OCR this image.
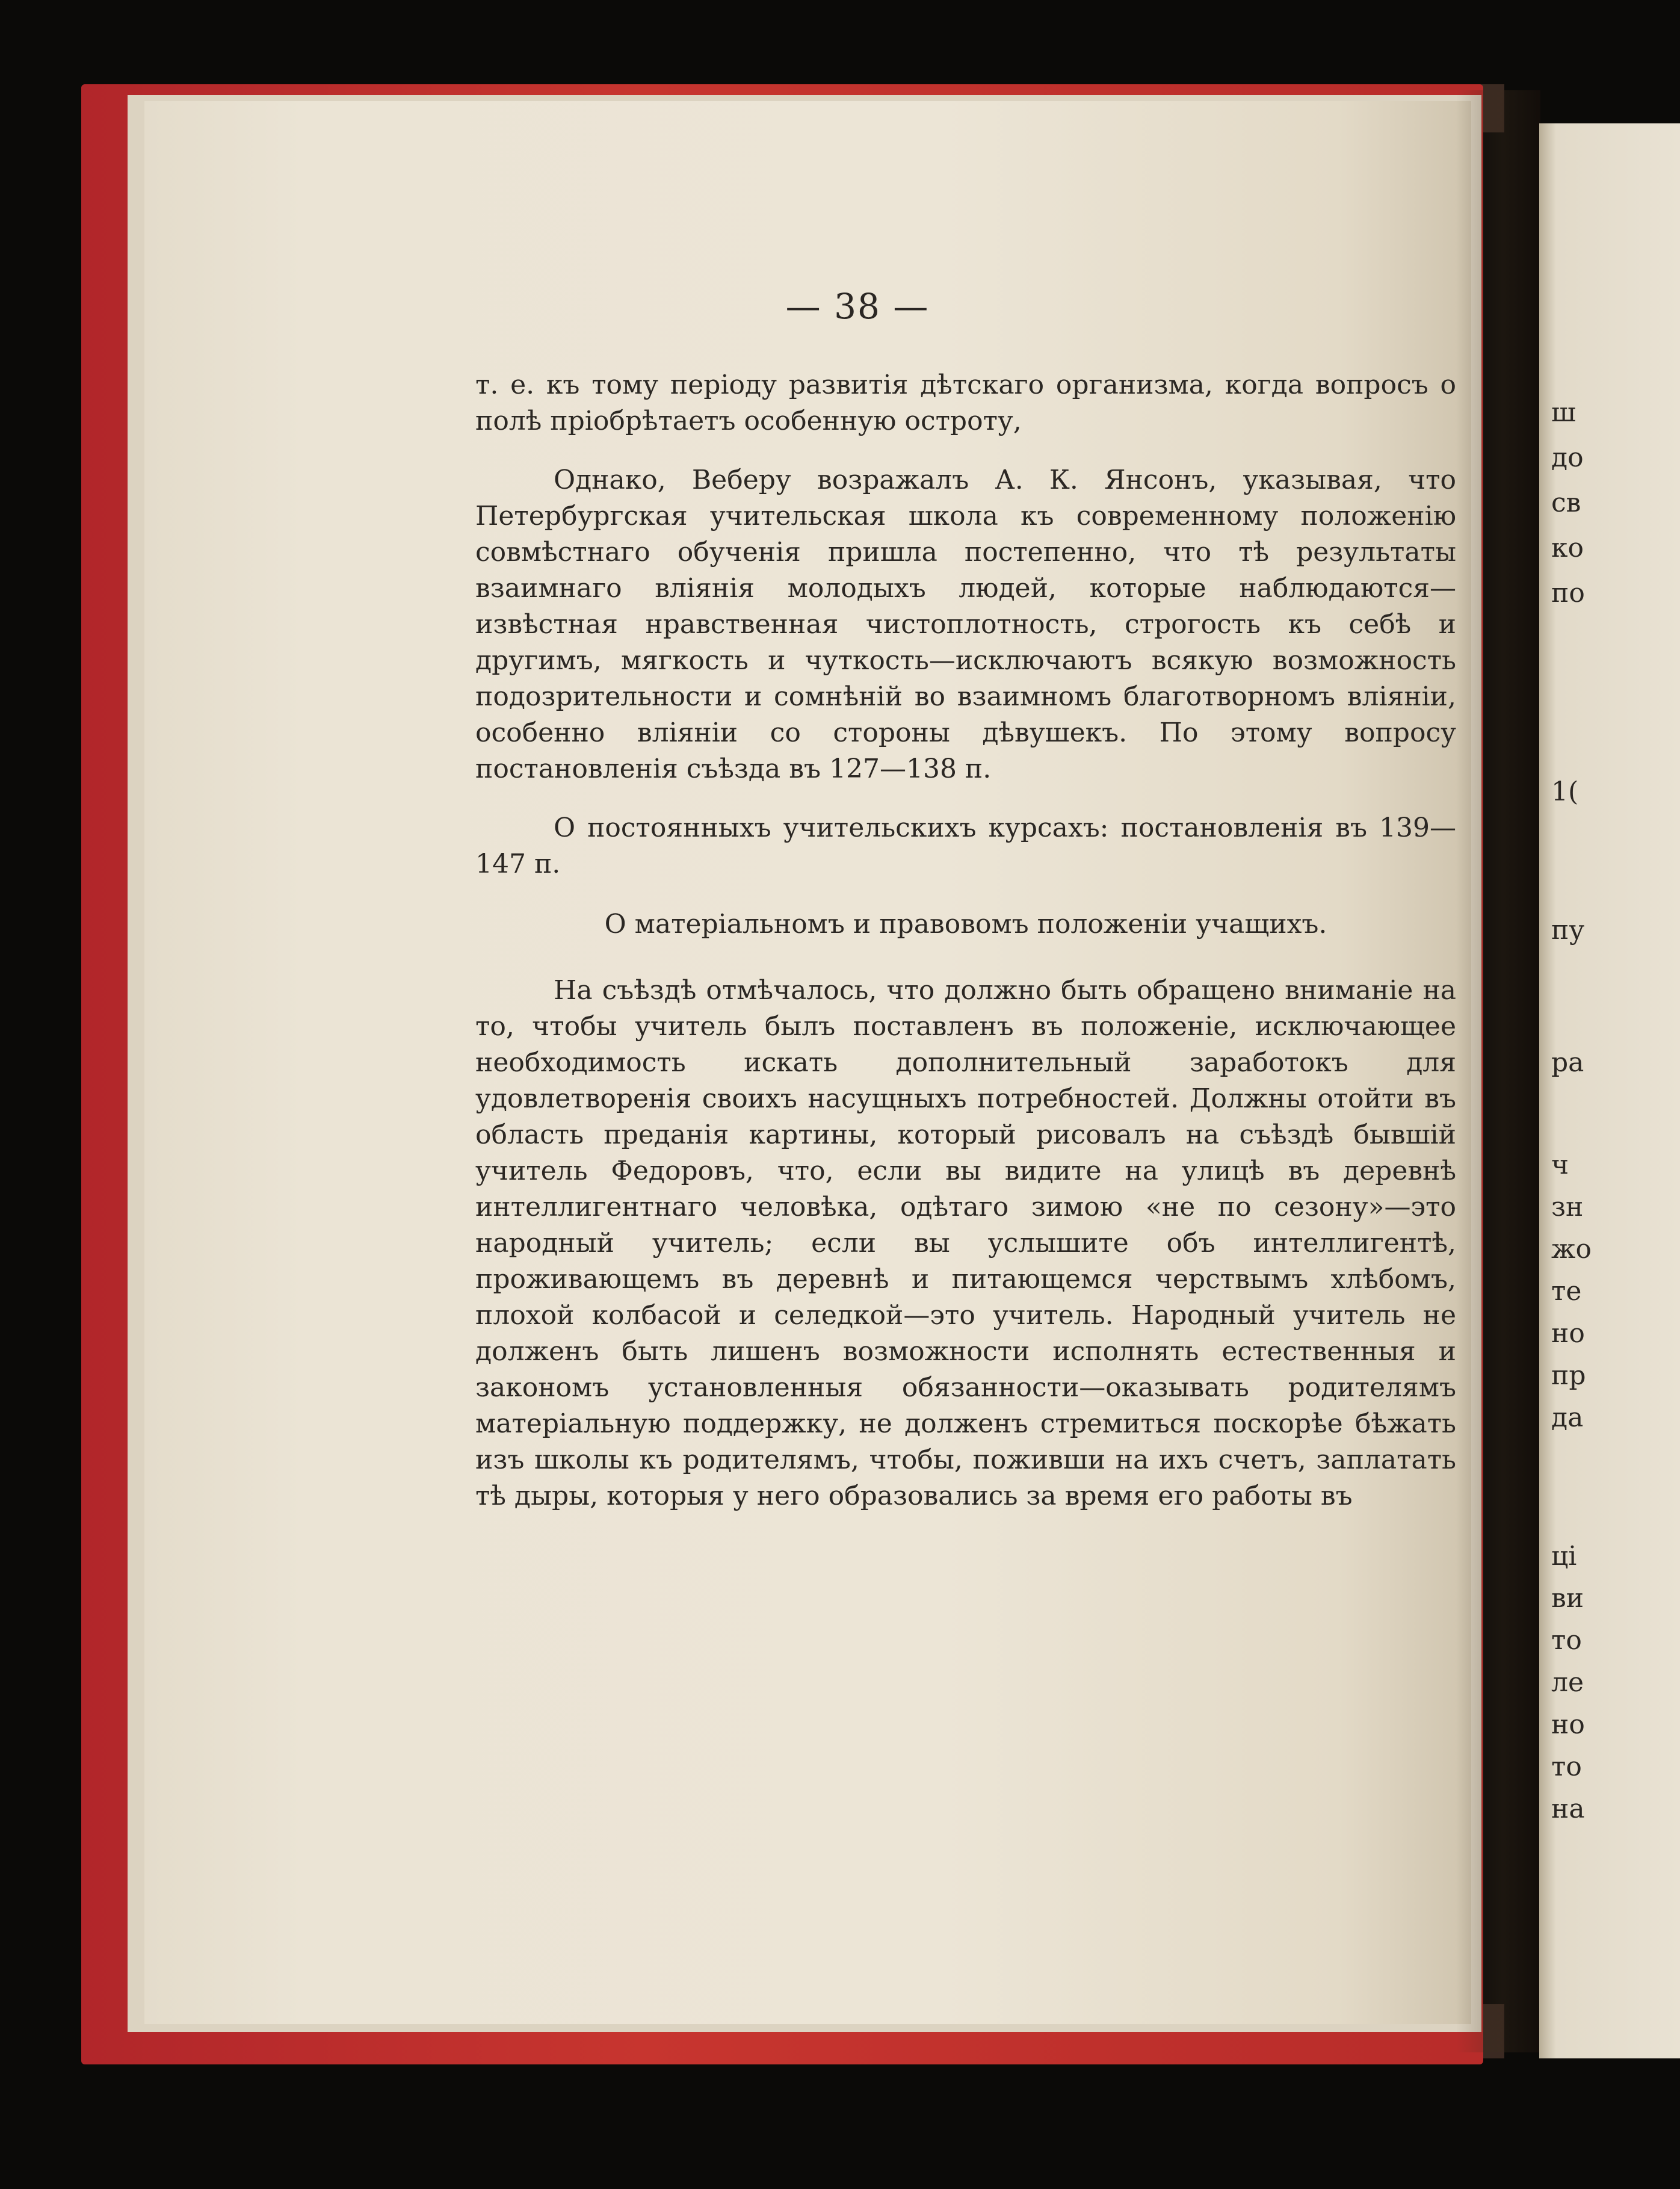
— 38 —

т. е. къ тому періоду развитія дѣтскаго организма, когда вопросъ о полѣ пріобрѣтаетъ особенную остроту,

Однако, Веберу возражалъ А. К. Янсонъ, указывая, что Петербургская учительская школа къ современному положенію совмѣстнаго обученія пришла постепенно, что тѣ результаты взаимнаго вліянія молодыхъ людей, которые наблюдаются—извѣстная нравственная чистоплотность, строгость къ себѣ и другимъ, мягкость и чуткость—исключаютъ всякую возможность подозрительности и сомнѣній во взаимномъ благотворномъ вліяніи, особенно вліяніи со стороны дѣвушекъ. По этому вопросу постановленія съѣзда въ 127—138 п.

О постоянныхъ учительскихъ курсахъ: постановленія въ 139—147 п.

О матеріальномъ и правовомъ положеніи учащихъ.

На съѣздѣ отмѣчалось, что должно быть обращено вниманіе на то, чтобы учитель былъ поставленъ въ положеніе, исключающее необходимость искать дополнительный заработокъ для удовлетворенія своихъ насущныхъ потребностей. Должны отойти въ область преданія картины, который рисовалъ на съѣздѣ бывшій учитель Федоровъ, что, если вы видите на улицѣ въ деревнѣ интеллигентнаго человѣка, одѣтаго зимою «не по сезону»—это народный учитель; если вы услышите объ интеллигентѣ, проживающемъ въ деревнѣ и питающемся черствымъ хлѣбомъ, плохой колбасой и селедкой—это учитель. Народный учитель не долженъ быть лишенъ возможности исполнять естественныя и закономъ установленныя обязанности—оказывать родителямъ матеріальную поддержку, не долженъ стремиться поскорѣе бѣжать изъ школы къ родителямъ, чтобы, поживши на ихъ счетъ, заплатать тѣ дыры, которыя у него образовались за время его работы въ

ш
до
св
ко
по
1(
пу
ра
ч
зн
жо
те
но
пр
да
ці
ви
то
ле
но
то
на
